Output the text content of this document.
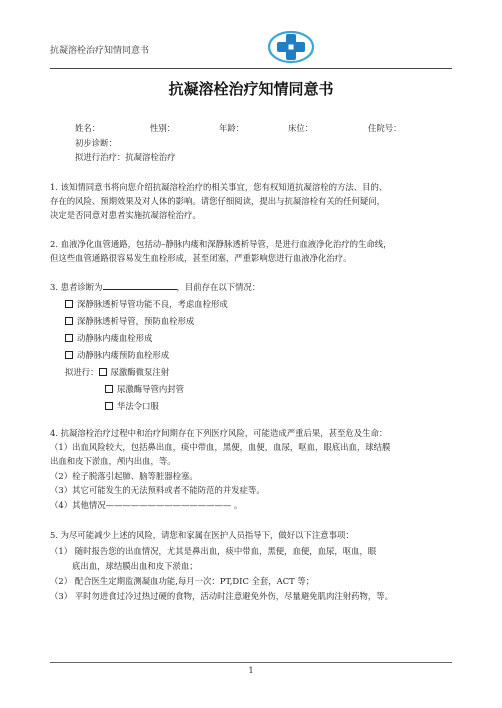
抗凝溶栓治疗知情同意书
抗凝溶栓治疗知情同意书
姓名：	性别：	年龄：	床位：	住院号：
初步诊断：
拟进行治疗：抗凝溶栓治疗
1. 该知情同意书将向您介绍抗凝溶栓治疗的相关事宜，您有权知道抗凝溶栓的方法、目的、
存在的风险、预期效果及对人体的影响。请您仔细阅读，提出与抗凝溶栓有关的任何疑问，
决定是否同意对患者实施抗凝溶栓治疗。
2. 血液净化血管通路，包括动–静脉内瘘和深静脉透析导管，是进行血液净化治疗的生命线，
但这些血管通路很容易发生血栓形成，甚至闭塞，严重影响您进行血液净化治疗。
3. 患者诊断为	，目前存在以下情况：
深静脉透析导管功能不良，考虑血栓形成
深静脉透析导管，预防血栓形成
动静脉内瘘血栓形成
动静脉内瘘预防血栓形成
拟进行： 尿激酶微泵注射
尿激酶导管内封管
华法令口服
4. 抗凝溶栓治疗过程中和治疗间期存在下列医疗风险，可能造成严重后果，甚至危及生命：
（1）出血风险较大，包括鼻出血，痰中带血，黑便，血便，血尿，呕血，眼底出血，球结膜
出血和皮下淤血，颅内出血，等。
（2）栓子脱落引起肺、脑等脏器栓塞。
（3）其它可能发生的无法预料或者不能防范的并发症等。
（4）其他情况——————————————— 。
5. 为尽可能减少上述的风险，请您和家属在医护人员指导下，做好以下注意事项：
（1） 随时报告您的出血情况，尤其是鼻出血，痰中带血，黑便，血便，血尿，呕血，眼
底出血，球结膜出血和皮下淤血；
（2） 配合医生定期监测凝血功能,每月一次：PT,DIC 全套，ACT 等；
（3） 平时勿进食过冷过热过硬的食物，活动时注意避免外伤，尽量避免肌肉注射药物，等。
1
